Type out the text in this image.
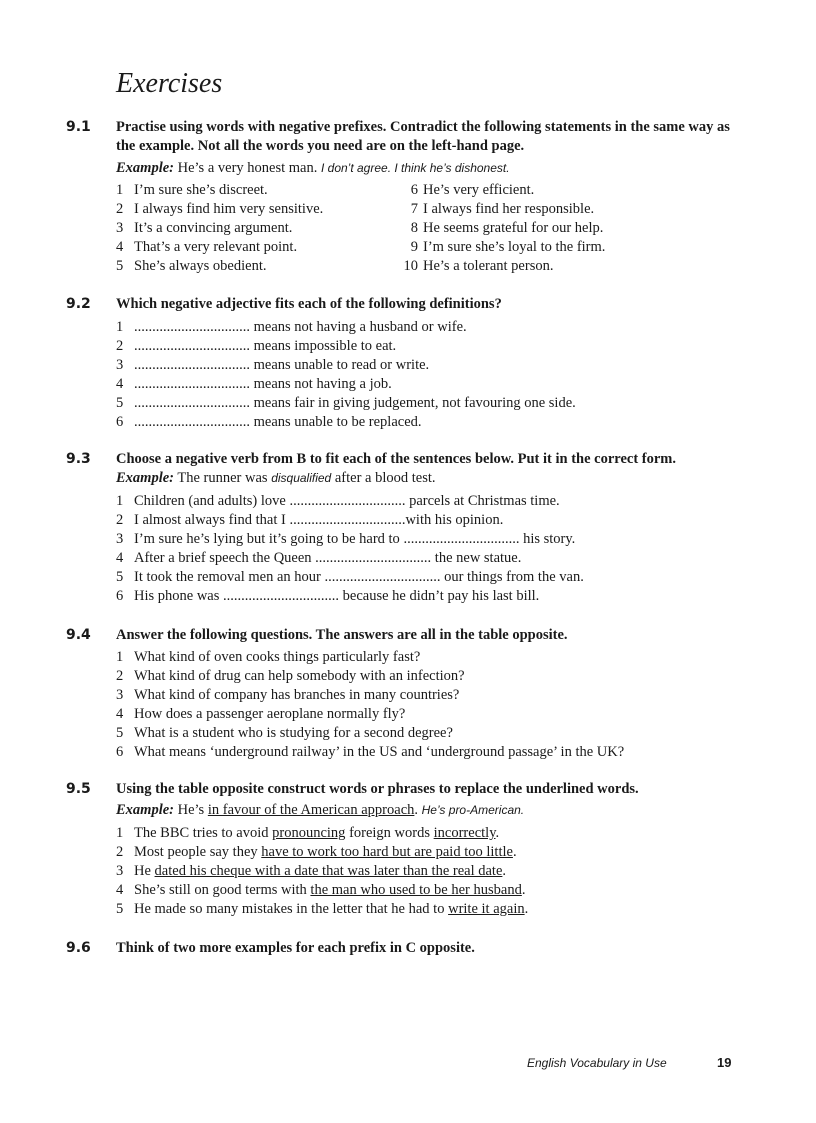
Exercises
9.1 Practise using words with negative prefixes. Contradict the following statements in the same way as the example. Not all the words you need are on the left-hand page.

Example: He’s a very honest man. I don’t agree. I think he’s dishonest.
1 I’m sure she’s discreet.
2 I always find him very sensitive.
3 It’s a convincing argument.
4 That’s a very relevant point.
5 She’s always obedient.
6 He’s very efficient.
7 I always find her responsible.
8 He seems grateful for our help.
9 I’m sure she’s loyal to the firm.
10 He’s a tolerant person.
9.2 Which negative adjective fits each of the following definitions?

1 ................................ means not having a husband or wife.
2 ................................ means impossible to eat.
3 ................................ means unable to read or write.
4 ................................ means not having a job.
5 ................................ means fair in giving judgement, not favouring one side.
6 ................................ means unable to be replaced.
9.3 Choose a negative verb from B to fit each of the sentences below. Put it in the correct form.

Example: The runner was disqualified after a blood test.
1 Children (and adults) love ................................ parcels at Christmas time.
2 I almost always find that I ................................with his opinion.
3 I’m sure he’s lying but it’s going to be hard to ................................ his story.
4 After a brief speech the Queen ................................ the new statue.
5 It took the removal men an hour ................................ our things from the van.
6 His phone was ................................ because he didn’t pay his last bill.
9.4 Answer the following questions. The answers are all in the table opposite.

1 What kind of oven cooks things particularly fast?
2 What kind of drug can help somebody with an infection?
3 What kind of company has branches in many countries?
4 How does a passenger aeroplane normally fly?
5 What is a student who is studying for a second degree?
6 What means ‘underground railway’ in the US and ‘underground passage’ in the UK?
9.5 Using the table opposite construct words or phrases to replace the underlined words.

Example: He’s in favour of the American approach. He’s pro-American.
1 The BBC tries to avoid pronouncing foreign words incorrectly.
2 Most people say they have to work too hard but are paid too little.
3 He dated his cheque with a date that was later than the real date.
4 She’s still on good terms with the man who used to be her husband.
5 He made so many mistakes in the letter that he had to write it again.
9.6 Think of two more examples for each prefix in C opposite.

English Vocabulary in Use	19
